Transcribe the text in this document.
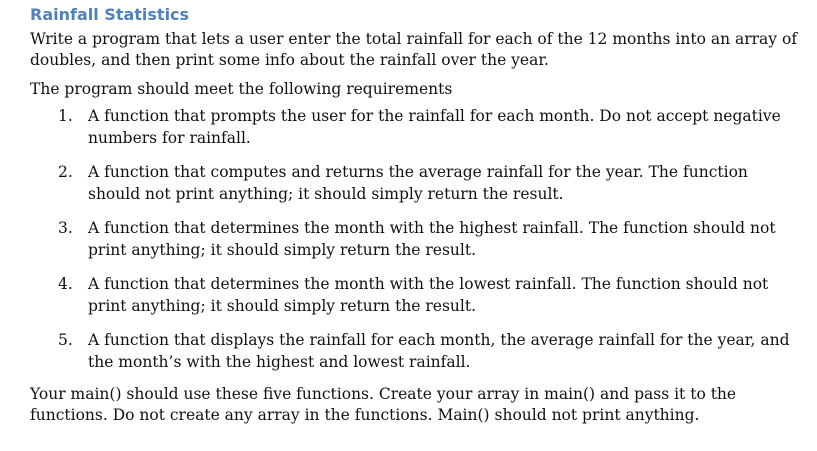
Rainfall Statistics

Write a program that lets a user enter the total rainfall for each of the 12 months into an array of doubles, and then print some info about the rainfall over the year.

The program should meet the following requirements

1. A function that prompts the user for the rainfall for each month. Do not accept negative numbers for rainfall.
2. A function that computes and returns the average rainfall for the year. The function should not print anything; it should simply return the result.
3. A function that determines the month with the highest rainfall. The function should not print anything; it should simply return the result.
4. A function that determines the month with the lowest rainfall. The function should not print anything; it should simply return the result.
5. A function that displays the rainfall for each month, the average rainfall for the year, and the month’s with the highest and lowest rainfall.

Your main() should use these five functions. Create your array in main() and pass it to the functions. Do not create any array in the functions. Main() should not print anything.
